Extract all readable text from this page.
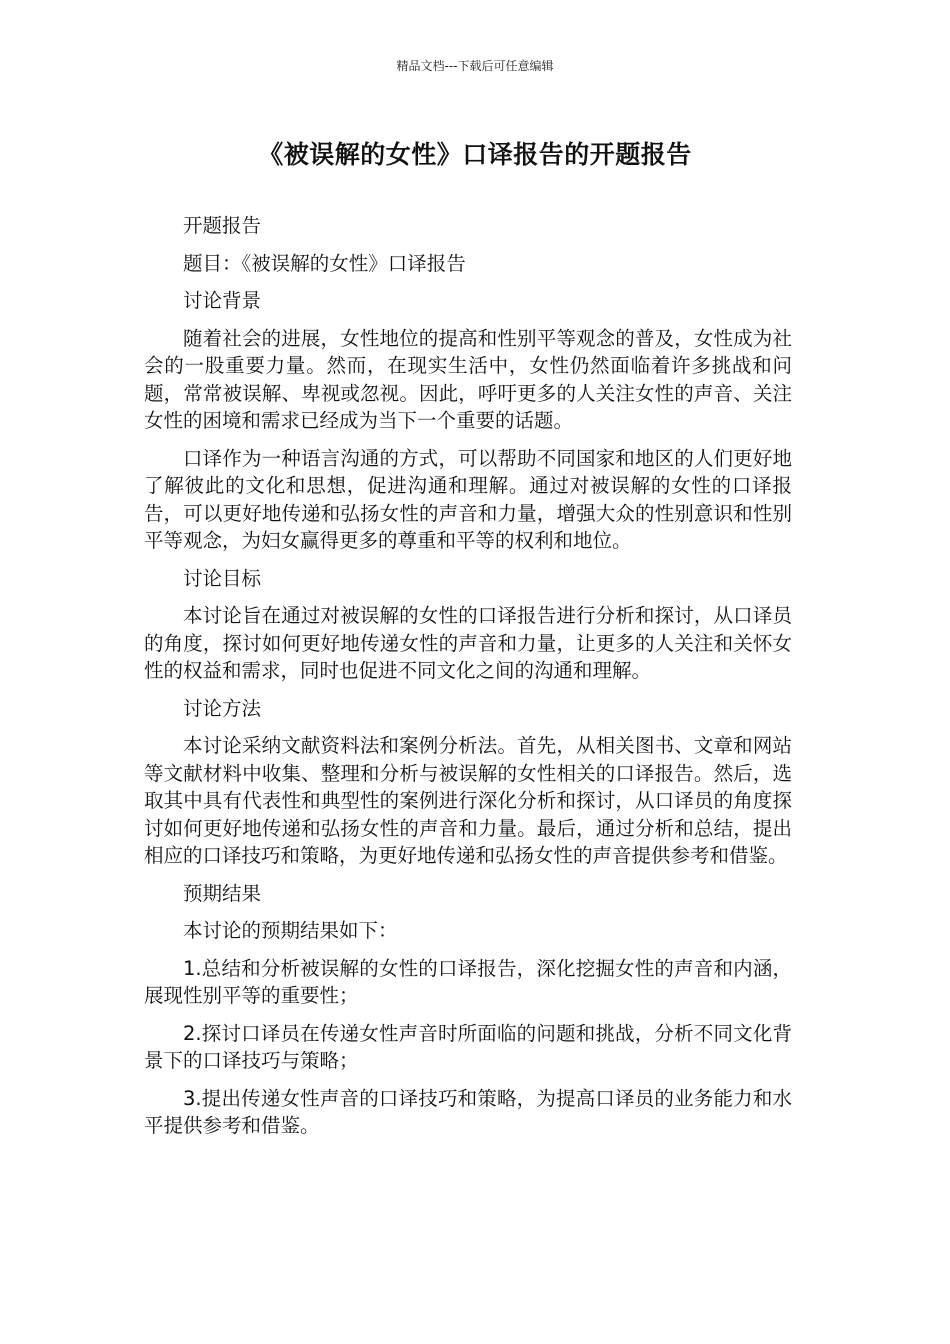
精品文档---下载后可任意编辑
《被误解的女性》口译报告的开题报告

开题报告

题目：《被误解的女性》口译报告

讨论背景

随着社会的进展，女性地位的提高和性别平等观念的普及，女性成为社会的一股重要力量。然而，在现实生活中，女性仍然面临着许多挑战和问题，常常被误解、卑视或忽视。因此，呼吁更多的人关注女性的声音、关注女性的困境和需求已经成为当下一个重要的话题。

口译作为一种语言沟通的方式，可以帮助不同国家和地区的人们更好地了解彼此的文化和思想，促进沟通和理解。通过对被误解的女性的口译报告，可以更好地传递和弘扬女性的声音和力量，增强大众的性别意识和性别平等观念，为妇女赢得更多的尊重和平等的权利和地位。

讨论目标

本讨论旨在通过对被误解的女性的口译报告进行分析和探讨，从口译员的角度，探讨如何更好地传递女性的声音和力量，让更多的人关注和关怀女性的权益和需求，同时也促进不同文化之间的沟通和理解。

讨论方法

本讨论采纳文献资料法和案例分析法。首先，从相关图书、文章和网站等文献材料中收集、整理和分析与被误解的女性相关的口译报告。然后，选取其中具有代表性和典型性的案例进行深化分析和探讨，从口译员的角度探讨如何更好地传递和弘扬女性的声音和力量。最后，通过分析和总结，提出相应的口译技巧和策略，为更好地传递和弘扬女性的声音提供参考和借鉴。

预期结果

本讨论的预期结果如下：

1.总结和分析被误解的女性的口译报告，深化挖掘女性的声音和内涵，展现性别平等的重要性；

2.探讨口译员在传递女性声音时所面临的问题和挑战，分析不同文化背景下的口译技巧与策略；

3.提出传递女性声音的口译技巧和策略，为提高口译员的业务能力和水平提供参考和借鉴。
